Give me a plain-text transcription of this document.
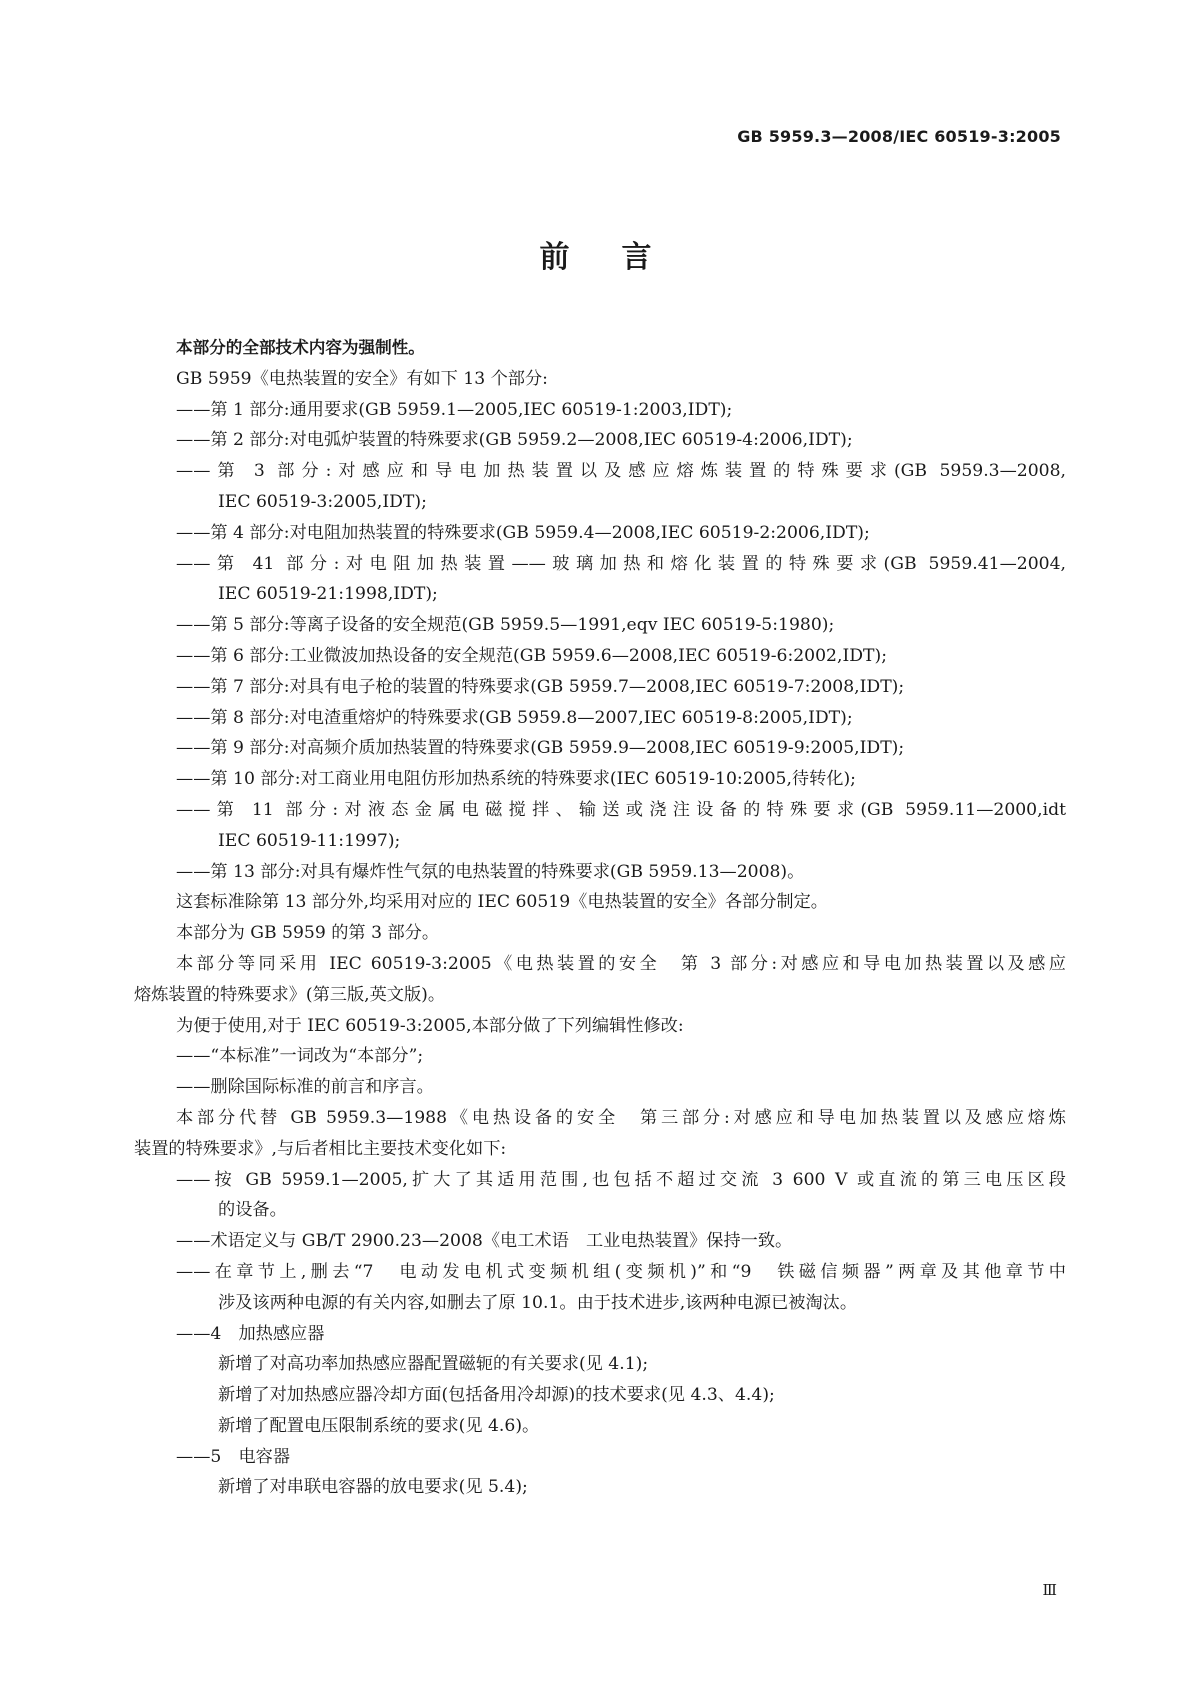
GB 5959.3—2008/IEC 60519-3:2005
前言
本部分的全部技术内容为强制性。
GB 5959《电热装置的安全》有如下 13 个部分:
——第 1 部分:通用要求(GB 5959.1—2005,IEC 60519-1:2003,IDT);
——第 2 部分:对电弧炉装置的特殊要求(GB 5959.2—2008,IEC 60519-4:2006,IDT);
——第 3 部分:对感应和导电加热装置以及感应熔炼装置的特殊要求(GB 5959.3—2008,
IEC 60519-3:2005,IDT);
——第 4 部分:对电阻加热装置的特殊要求(GB 5959.4—2008,IEC 60519-2:2006,IDT);
——第 41 部分:对电阻加热装置——玻璃加热和熔化装置的特殊要求(GB 5959.41—2004,
IEC 60519-21:1998,IDT);
——第 5 部分:等离子设备的安全规范(GB 5959.5—1991,eqv IEC 60519-5:1980);
——第 6 部分:工业微波加热设备的安全规范(GB 5959.6—2008,IEC 60519-6:2002,IDT);
——第 7 部分:对具有电子枪的装置的特殊要求(GB 5959.7—2008,IEC 60519-7:2008,IDT);
——第 8 部分:对电渣重熔炉的特殊要求(GB 5959.8—2007,IEC 60519-8:2005,IDT);
——第 9 部分:对高频介质加热装置的特殊要求(GB 5959.9—2008,IEC 60519-9:2005,IDT);
——第 10 部分:对工商业用电阻仿形加热系统的特殊要求(IEC 60519-10:2005,待转化);
——第 11 部分:对液态金属电磁搅拌、输送或浇注设备的特殊要求(GB 5959.11—2000,idt
IEC 60519-11:1997);
——第 13 部分:对具有爆炸性气氛的电热装置的特殊要求(GB 5959.13—2008)。
这套标准除第 13 部分外,均采用对应的 IEC 60519《电热装置的安全》各部分制定。
本部分为 GB 5959 的第 3 部分。
本部分等同采用 IEC 60519-3:2005《电热装置的安全　第 3 部分:对感应和导电加热装置以及感应
熔炼装置的特殊要求》(第三版,英文版)。
为便于使用,对于 IEC 60519-3:2005,本部分做了下列编辑性修改:
——“本标准”一词改为“本部分”;
——删除国际标准的前言和序言。
本部分代替 GB 5959.3—1988《电热设备的安全　第三部分:对感应和导电加热装置以及感应熔炼
装置的特殊要求》,与后者相比主要技术变化如下:
——按 GB 5959.1—2005,扩大了其适用范围,也包括不超过交流 3 600 V 或直流的第三电压区段
的设备。
——术语定义与 GB/T 2900.23—2008《电工术语　工业电热装置》保持一致。
——在章节上,删去“7　电动发电机式变频机组(变频机)”和“9　铁磁信频器”两章及其他章节中
涉及该两种电源的有关内容,如删去了原 10.1。由于技术进步,该两种电源已被淘汰。
——4　加热感应器
新增了对高功率加热感应器配置磁轭的有关要求(见 4.1);
新增了对加热感应器冷却方面(包括备用冷却源)的技术要求(见 4.3、4.4);
新增了配置电压限制系统的要求(见 4.6)。
——5　电容器
新增了对串联电容器的放电要求(见 5.4);
Ⅲ
